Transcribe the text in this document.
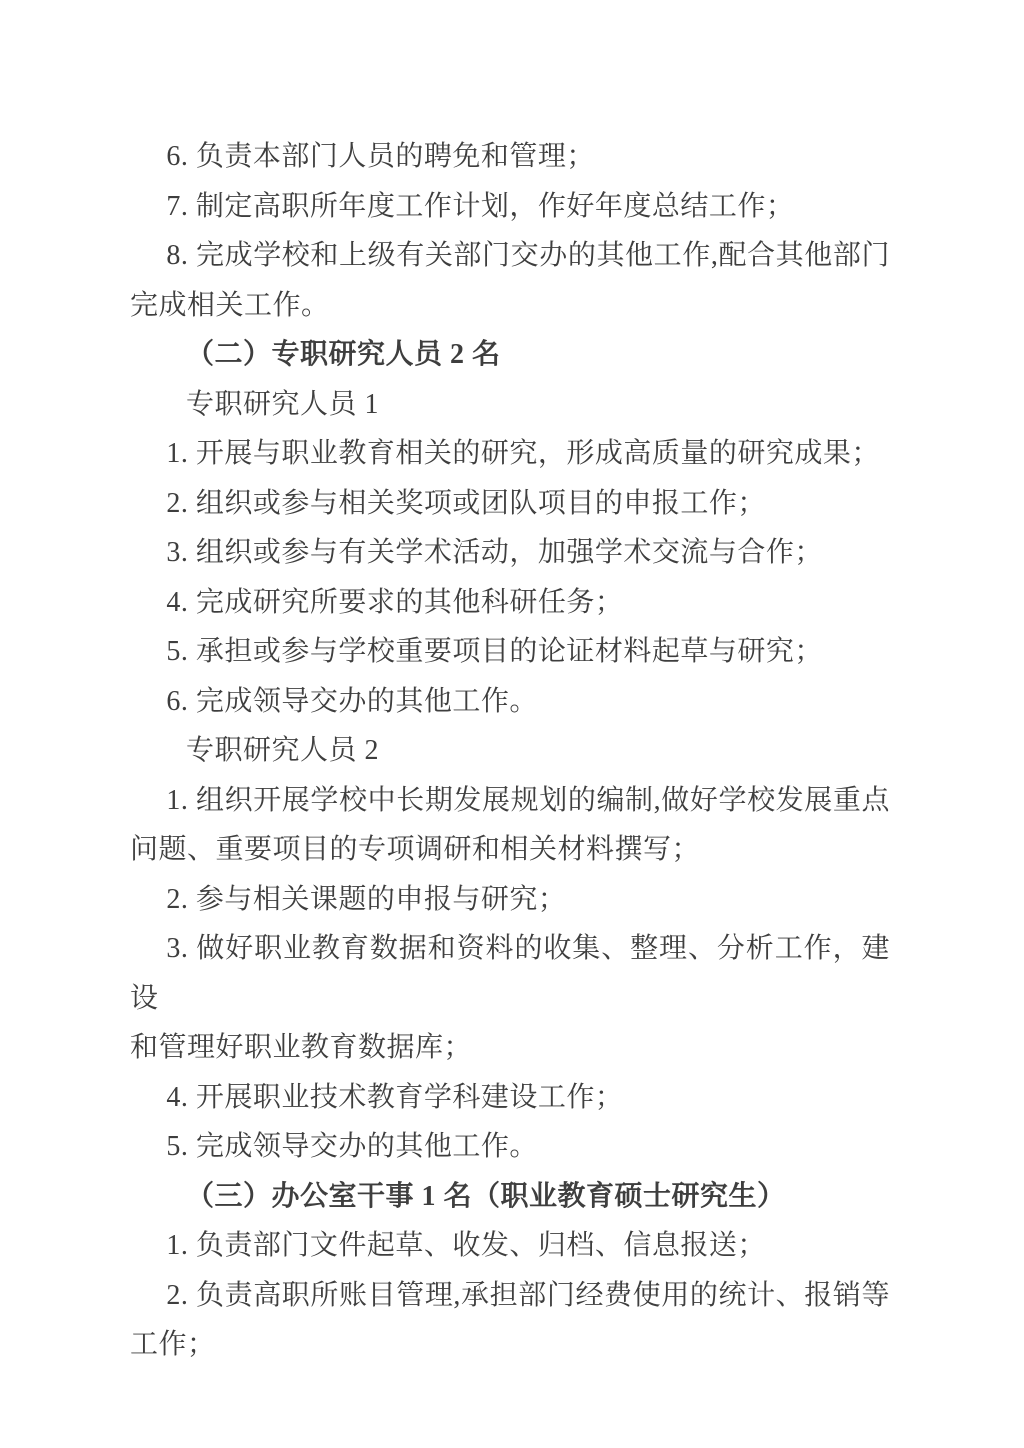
6. 负责本部门人员的聘免和管理；

7. 制定高职所年度工作计划，作好年度总结工作；

8. 完成学校和上级有关部门交办的其他工作,配合其他部门

完成相关工作。

（二）专职研究人员 2 名

专职研究人员 1

1. 开展与职业教育相关的研究，形成高质量的研究成果；

2. 组织或参与相关奖项或团队项目的申报工作；

3. 组织或参与有关学术活动，加强学术交流与合作；

4. 完成研究所要求的其他科研任务；

5. 承担或参与学校重要项目的论证材料起草与研究；

6. 完成领导交办的其他工作。

专职研究人员 2

1. 组织开展学校中长期发展规划的编制,做好学校发展重点

问题、重要项目的专项调研和相关材料撰写；

2. 参与相关课题的申报与研究；

3. 做好职业教育数据和资料的收集、整理、分析工作，建设

和管理好职业教育数据库；

4. 开展职业技术教育学科建设工作；

5. 完成领导交办的其他工作。

（三）办公室干事 1 名（职业教育硕士研究生）

1. 负责部门文件起草、收发、归档、信息报送；

2. 负责高职所账目管理,承担部门经费使用的统计、报销等

工作；
